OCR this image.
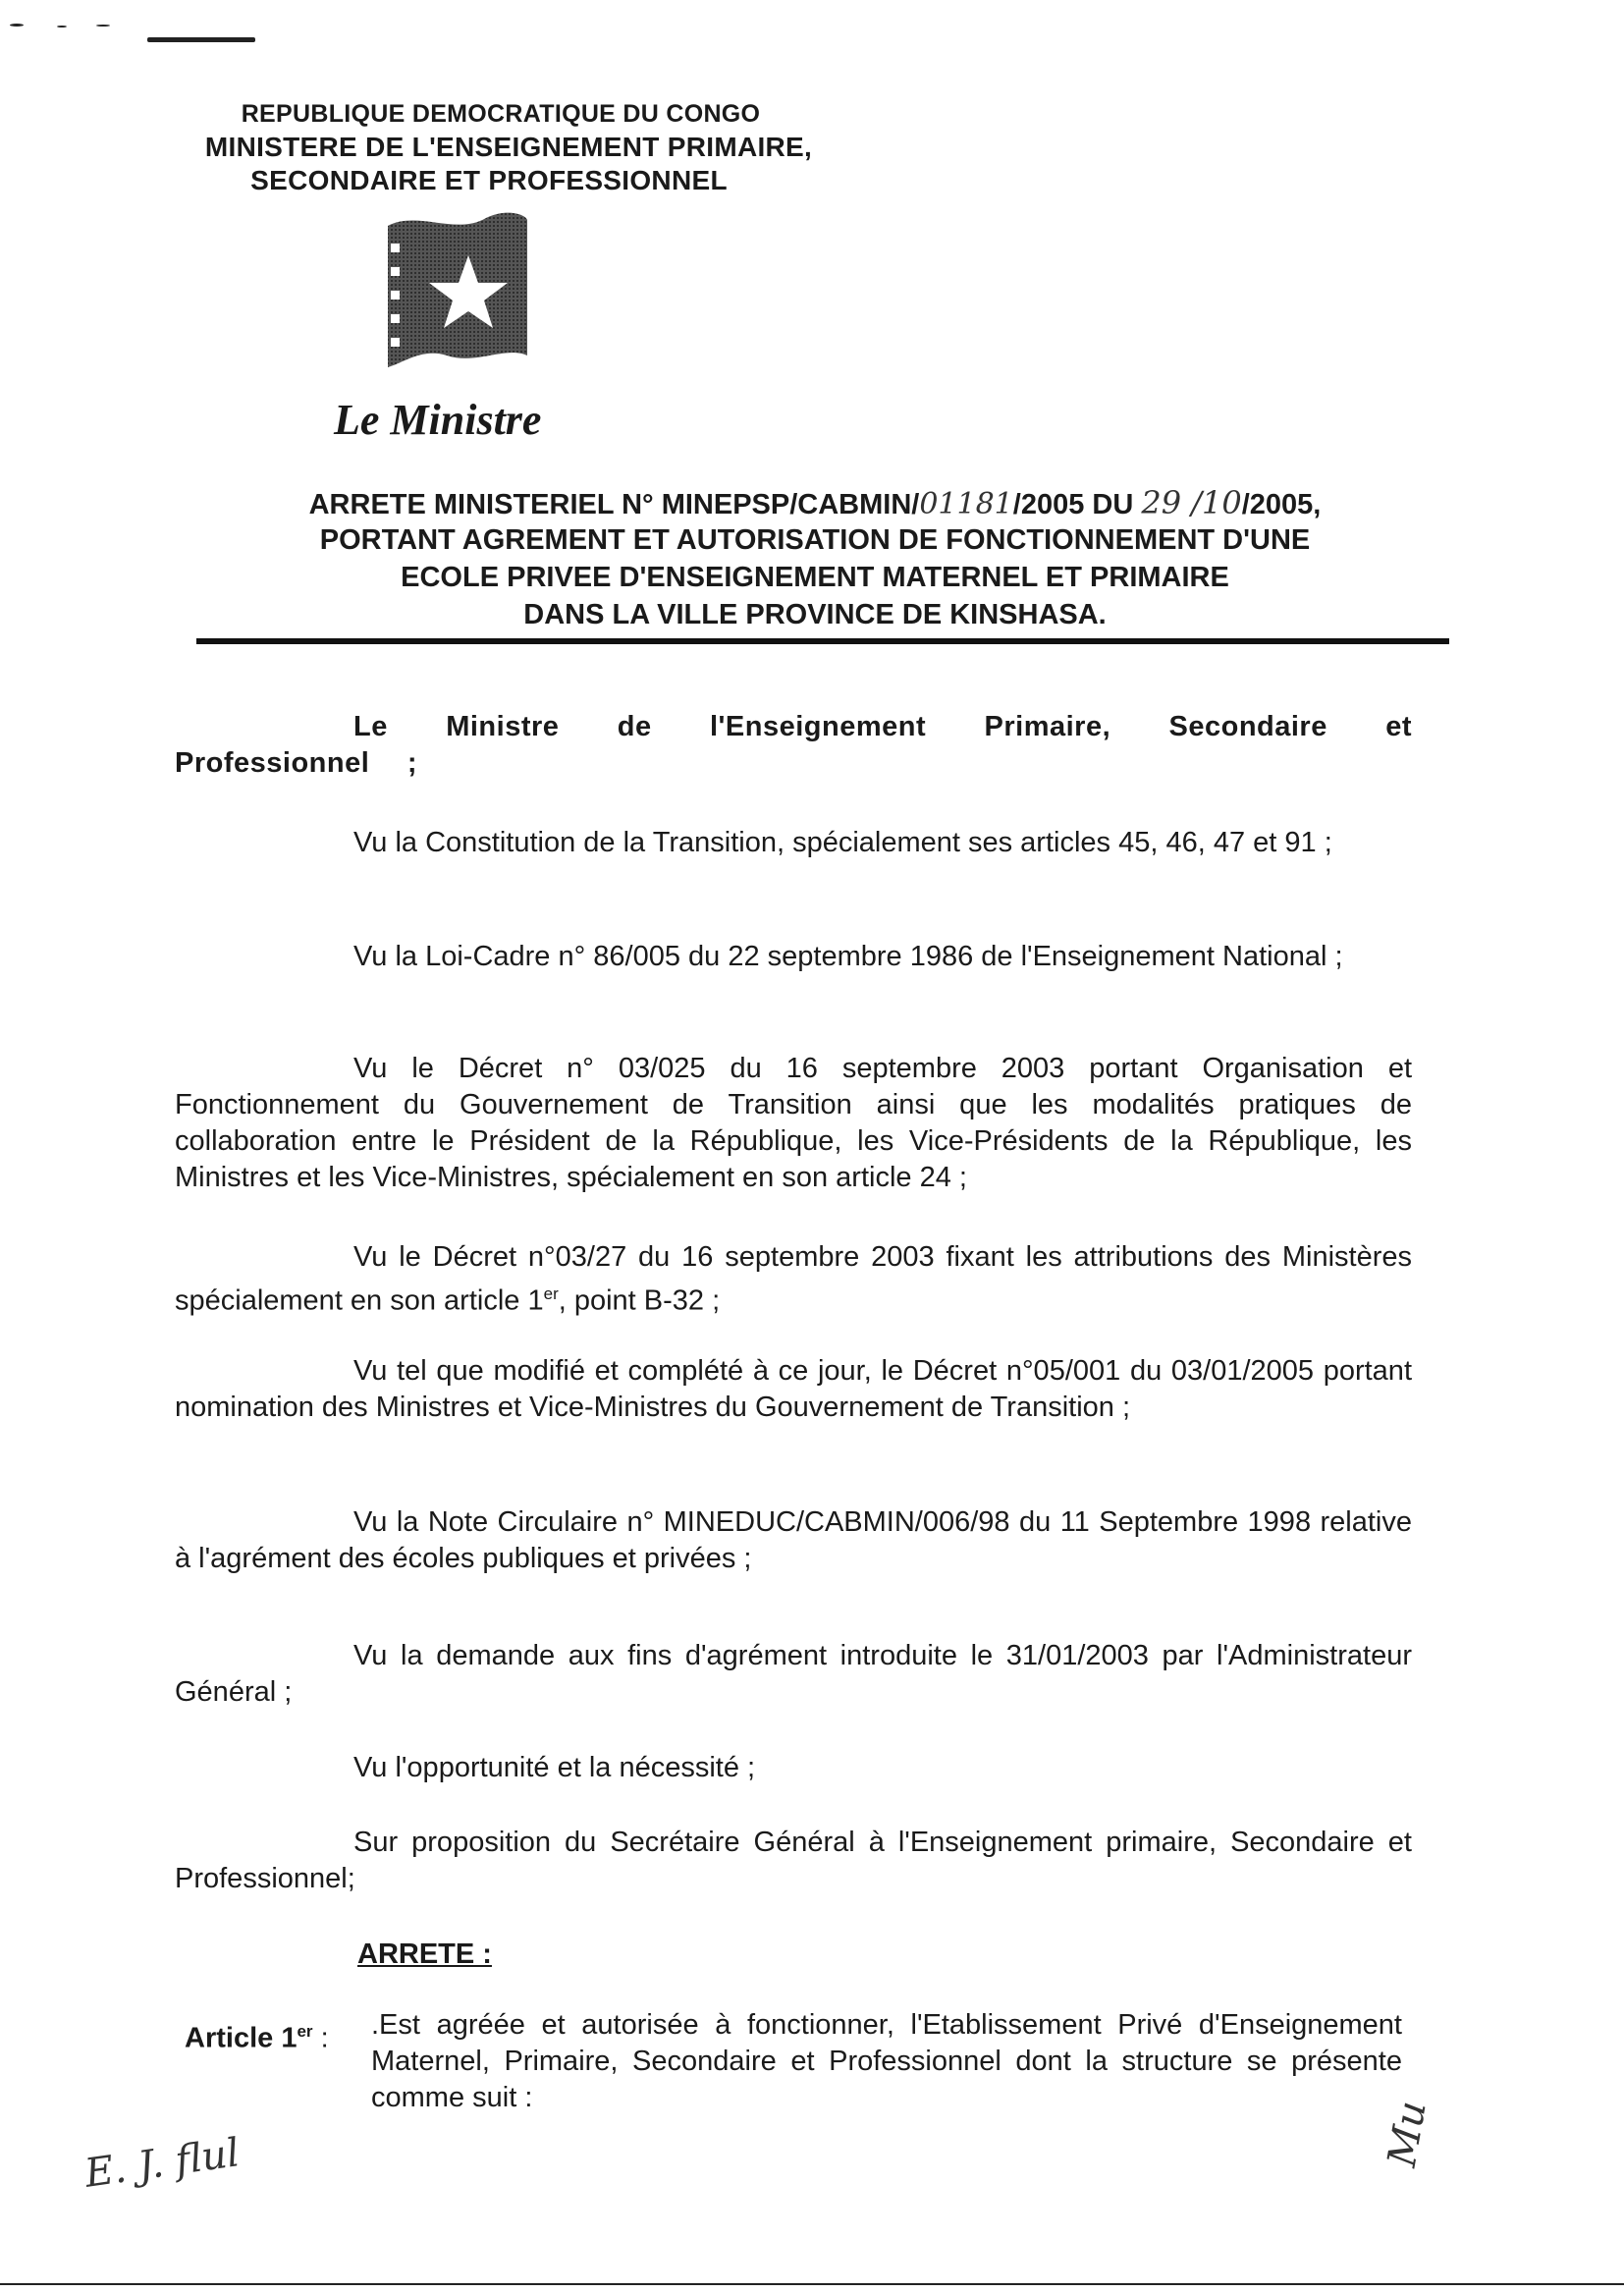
REPUBLIQUE DEMOCRATIQUE DU CONGO
MINISTERE DE L'ENSEIGNEMENT PRIMAIRE,
SECONDAIRE ET PROFESSIONNEL
Le Ministre
ARRETE MINISTERIEL N° MINEPSP/CABMIN/01181/2005 DU 29 /10/2005,
PORTANT AGREMENT ET AUTORISATION DE FONCTIONNEMENT D'UNE
ECOLE PRIVEE D'ENSEIGNEMENT MATERNEL ET PRIMAIRE
DANS LA VILLE PROVINCE DE KINSHASA.
Le Ministre de l'Enseignement Primaire, Secondaire et Professionnel ;
Vu la Constitution de la Transition, spécialement ses articles 45, 46, 47 et 91 ;
Vu la Loi-Cadre n° 86/005 du 22 septembre 1986 de l'Enseignement National ;
Vu le Décret n° 03/025 du 16 septembre 2003 portant Organisation et Fonctionnement du Gouvernement de Transition ainsi que les modalités pratiques de collaboration entre le Président de la République, les Vice-Présidents de la République, les Ministres et les Vice-Ministres, spécialement en son article 24 ;
Vu le Décret n°03/27 du 16 septembre 2003 fixant les attributions des Ministères spécialement en son article 1er, point B-32 ;
Vu tel que modifié et complété à ce jour, le Décret n°05/001 du 03/01/2005 portant nomination des Ministres et Vice-Ministres du Gouvernement de Transition ;
Vu la Note Circulaire n° MINEDUC/CABMIN/006/98 du 11 Septembre 1998 relative à l'agrément des écoles publiques et privées ;
Vu la demande aux fins d'agrément introduite le 31/01/2003 par l'Administrateur Général ;
Vu l'opportunité et la nécessité ;
Sur proposition du Secrétaire Général à l'Enseignement primaire, Secondaire et Professionnel;
ARRETE :
Article 1er : .Est agréée et autorisée à fonctionner, l'Etablissement Privé d'Enseignement Maternel, Primaire, Secondaire et Professionnel dont la structure se présente comme suit :
E. J. flul	Mu
